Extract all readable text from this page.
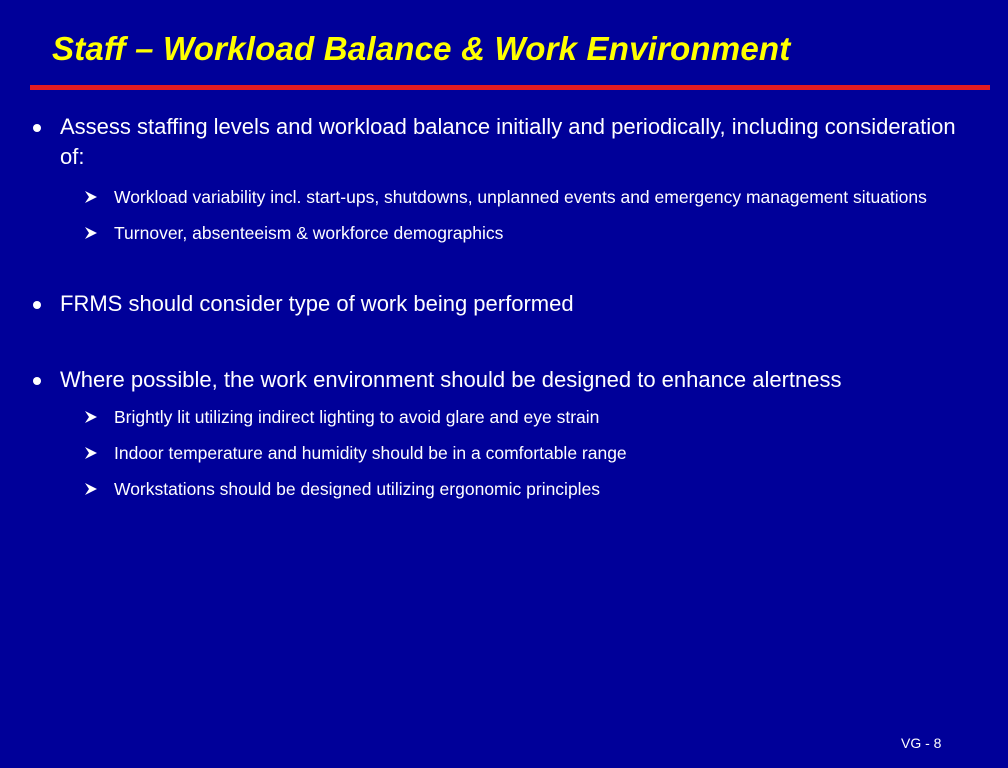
Staff – Workload Balance & Work Environment
Assess staffing levels and workload balance initially and periodically, including consideration of:
Workload variability incl. start-ups, shutdowns, unplanned events and emergency management situations
Turnover, absenteeism & workforce demographics
FRMS should consider type of work being performed
Where possible, the work environment should be designed to enhance alertness
Brightly lit utilizing indirect lighting to avoid glare and eye strain
Indoor temperature and humidity should be in a comfortable range
Workstations should be designed utilizing ergonomic principles
VG - 8
